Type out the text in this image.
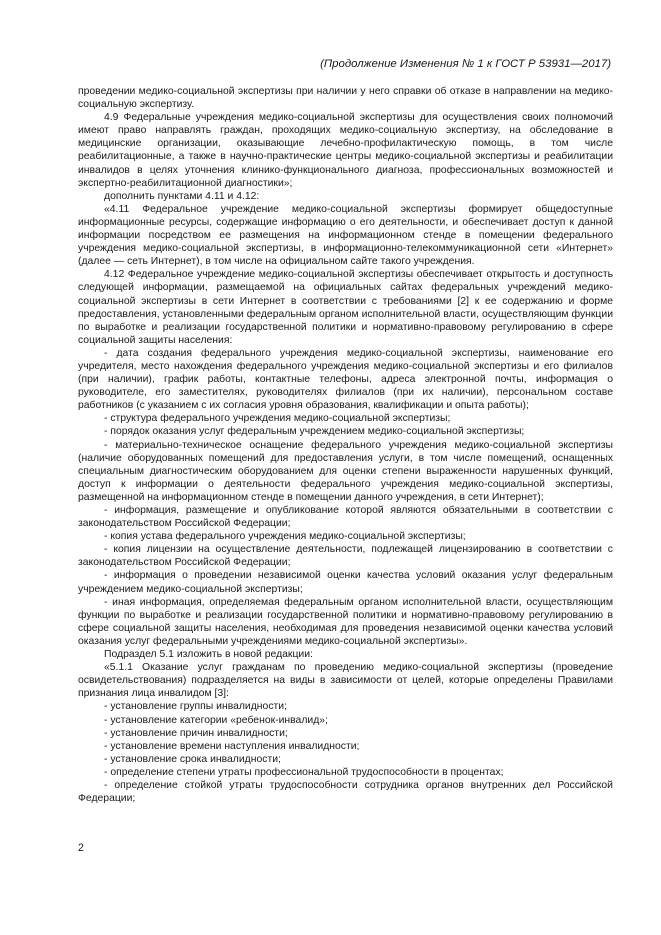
(Продолжение Изменения № 1 к ГОСТ Р 53931—2017)

проведении медико-социальной экспертизы при наличии у него справки об отказе в направлении на медико-социальную экспертизу.

4.9 Федеральные учреждения медико-социальной экспертизы для осуществления своих полномочий имеют право направлять граждан, проходящих медико-социальную экспертизу, на обследование в медицинские организации, оказывающие лечебно-профилактическую помощь, в том числе реабилитационные, а также в научно-практические центры медико-социальной экспертизы и реабилитации инвалидов в целях уточнения клинико-функционального диагноза, профессиональных возможностей и экспертно-реабилитационной диагностики»;

дополнить пунктами 4.11 и 4.12:

«4.11 Федеральное учреждение медико-социальной экспертизы формирует общедоступные информационные ресурсы, содержащие информацию о его деятельности, и обеспечивает доступ к данной информации посредством ее размещения на информационном стенде в помещении федерального учреждения медико-социальной экспертизы, в информационно-телекоммуникационной сети «Интернет» (далее — сеть Интернет), в том числе на официальном сайте такого учреждения.

4.12 Федеральное учреждение медико-социальной экспертизы обеспечивает открытость и доступность следующей информации, размещаемой на официальных сайтах федеральных учреждений медико-социальной экспертизы в сети Интернет в соответствии с требованиями [2] к ее содержанию и форме предоставления, установленными федеральным органом исполнительной власти, осуществляющим функции по выработке и реализации государственной политики и нормативно-правовому регулированию в сфере социальной защиты населения:

- дата создания федерального учреждения медико-социальной экспертизы, наименование его учредителя, место нахождения федерального учреждения медико-социальной экспертизы и его филиалов (при наличии), график работы, контактные телефоны, адреса электронной почты, информация о руководителе, его заместителях, руководителях филиалов (при их наличии), персональном составе работников (с указанием с их согласия уровня образования, квалификации и опыта работы);

- структура федерального учреждения медико-социальной экспертизы;

- порядок оказания услуг федеральным учреждением медико-социальной экспертизы;

- материально-техническое оснащение федерального учреждения медико-социальной экспертизы (наличие оборудованных помещений для предоставления услуги, в том числе помещений, оснащенных специальным диагностическим оборудованием для оценки степени выраженности нарушенных функций, доступ к информации о деятельности федерального учреждения медико-социальной экспертизы, размещенной на информационном стенде в помещении данного учреждения, в сети Интернет);

- информация, размещение и опубликование которой являются обязательными в соответствии с законодательством Российской Федерации;

- копия устава федерального учреждения медико-социальной экспертизы;

- копия лицензии на осуществление деятельности, подлежащей лицензированию в соответствии с законодательством Российской Федерации;

- информация о проведении независимой оценки качества условий оказания услуг федеральным учреждением медико-социальной экспертизы;

- иная информация, определяемая федеральным органом исполнительной власти, осуществляющим функции по выработке и реализации государственной политики и нормативно-правовому регулированию в сфере социальной защиты населения, необходимая для проведения независимой оценки качества условий оказания услуг федеральными учреждениями медико-социальной экспертизы».

Подраздел 5.1 изложить в новой редакции:

«5.1.1 Оказание услуг гражданам по проведению медико-социальной экспертизы (проведение освидетельствования) подразделяется на виды в зависимости от целей, которые определены Правилами признания лица инвалидом [3]:

- установление группы инвалидности;

- установление категории «ребенок-инвалид»;

- установление причин инвалидности;

- установление времени наступления инвалидности;

- установление срока инвалидности;

- определение степени утраты профессиональной трудоспособности в процентах;

- определение стойкой утраты трудоспособности сотрудника органов внутренних дел Российской Федерации;

2
